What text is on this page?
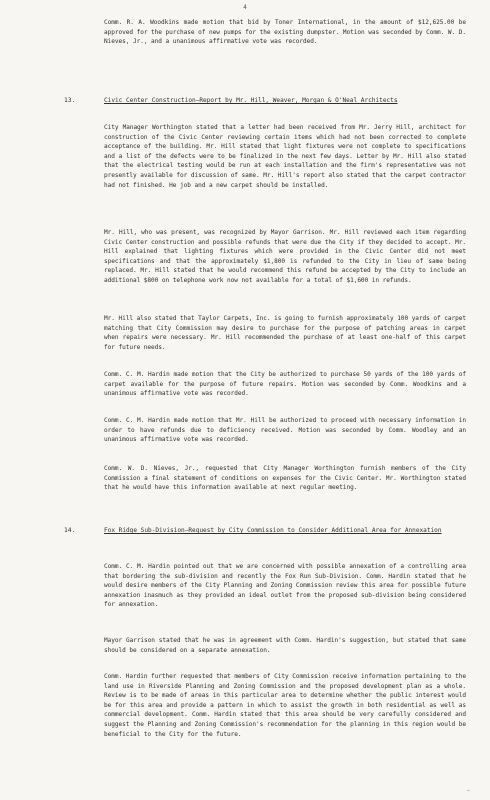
4

Comm. R. A. Woodkins made motion that bid by Toner International, in the amount of $12,625.00 be approved for the purchase of new pumps for the existing dumpster. Motion was seconded by Comm. W. D. Nieves, Jr., and a unanimous affirmative vote was recorded.

13.	Civic Center Construction–Report by Mr. Hill, Weaver, Morgan & O'Neal Architects

City Manager Worthington stated that a letter had been received from Mr. Jerry Hill, architect for construction of the Civic Center reviewing certain items which had not been corrected to complete acceptance of the building. Mr. Hill stated that light fixtures were not complete to specifications and a list of the defects were to be finalized in the next few days. Letter by Mr. Hill also stated that the electrical testing would be run at each installation and the firm's representative was not presently available for discussion of same. Mr. Hill's report also stated that the carpet contractor had not finished. He job and a new carpet should be installed.

Mr. Hill, who was present, was recognized by Mayor Garrison. Mr. Hill reviewed each item regarding Civic Center construction and possible refunds that were due the City if they decided to accept. Mr. Hill explained that lighting fixtures which were provided in the Civic Center did not meet specifications and that the approximately $1,800 is refunded to the City in lieu of same being replaced. Mr. Hill stated that he would recommend this refund be accepted by the City to include an additional $800 on telephone work now not available for a total of $1,600 in refunds.

Mr. Hill also stated that Taylor Carpets, Inc. is going to furnish approximately 100 yards of carpet matching that City Commission may desire to purchase for the purpose of patching areas in carpet when repairs were necessary. Mr. Hill recommended the purchase of at least one-half of this carpet for future needs.

Comm. C. M. Hardin made motion that the City be authorized to purchase 50 yards of the 100 yards of carpet available for the purpose of future repairs. Motion was seconded by Comm. Woodkins and a unanimous affirmative vote was recorded.

Comm. C. M. Hardin made motion that Mr. Hill be authorized to proceed with necessary information in order to have refunds due to deficiency received. Motion was seconded by Comm. Woodley and an unanimous affirmative vote was recorded.

Comm. W. D. Nieves, Jr., requested that City Manager Worthington furnish members of the City Commission a final statement of conditions on expenses for the Civic Center. Mr. Worthington stated that he would have this information available at next regular meeting.

14.	Fox Ridge Sub-Division–Request by City Commission to Consider Additional Area for Annexation

Comm. C. M. Hardin pointed out that we are concerned with possible annexation of a controlling area that bordering the sub-division and recently the Fox Run Sub-Division. Comm. Hardin stated that he would desire members of the City Planning and Zoning Commission review this area for possible future annexation inasmuch as they provided an ideal outlet from the proposed sub-division being considered for annexation.

Mayor Garrison stated that he was in agreement with Comm. Hardin's suggestion, but stated that same should be considered on a separate annexation.

Comm. Hardin further requested that members of City Commission receive information pertaining to the land use in Riverside Planning and Zoning Commission and the proposed development plan as a whole. Review is to be made of areas in this particular area to determine whether the public interest would be for this area and provide a pattern in which to assist the growth in both residential as well as commercial development. Comm. Hardin stated that this area should be very carefully considered and suggest the Planning and Zoning Commission's recommendation for the planning in this region would be beneficial to the City for the future.

—
